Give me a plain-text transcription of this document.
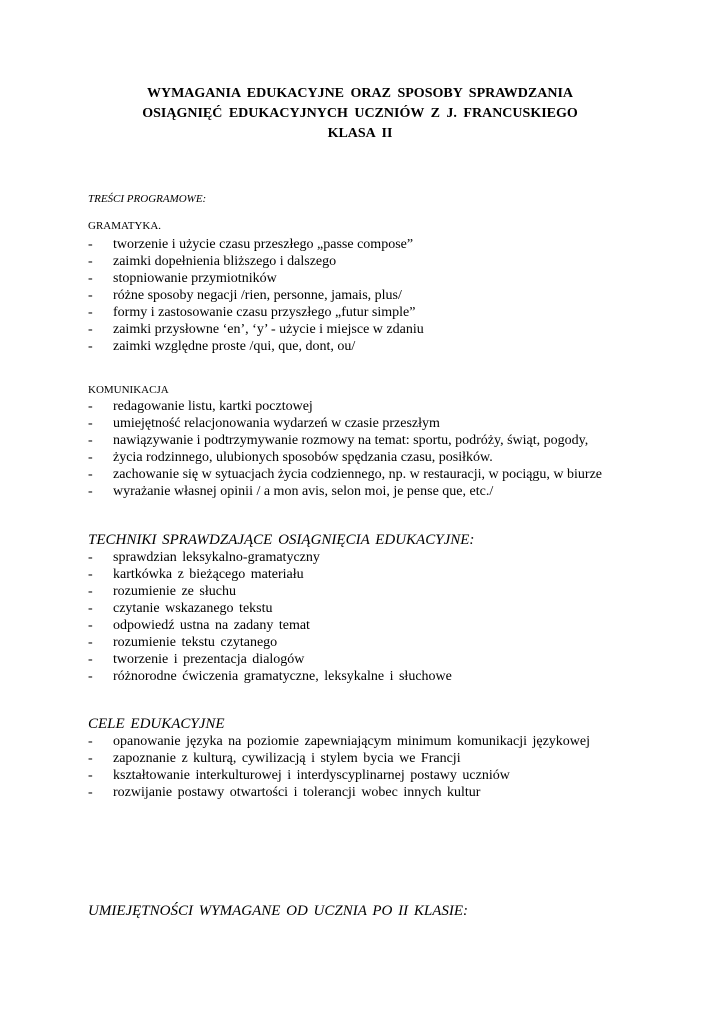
WYMAGANIA EDUKACYJNE ORAZ SPOSOBY SPRAWDZANIA
OSIĄGNIĘĆ EDUKACYJNYCH UCZNIÓW Z J. FRANCUSKIEGO
KLASA II
TREŚCI PROGRAMOWE:
GRAMATYKA.
- tworzenie i użycie czasu przeszłego „passe compose”
- zaimki dopełnienia bliższego i dalszego
- stopniowanie przymiotników
- różne sposoby negacji /rien, personne, jamais, plus/
- formy i zastosowanie czasu przyszłego „futur simple”
- zaimki przysłowne ‘en’, ‘y’ - użycie i miejsce w zdaniu
- zaimki względne proste /qui, que, dont, ou/
KOMUNIKACJA
- redagowanie listu, kartki pocztowej
- umiejętność relacjonowania wydarzeń w czasie przeszłym
- nawiązywanie i podtrzymywanie rozmowy na temat: sportu, podróży, świąt, pogody,
- życia rodzinnego, ulubionych sposobów spędzania czasu, posiłków.
- zachowanie się w sytuacjach życia codziennego, np. w restauracji, w pociągu, w biurze
- wyrażanie własnej opinii / a mon avis, selon moi, je pense que, etc./
TECHNIKI SPRAWDZAJĄCE OSIĄGNIĘCIA EDUKACYJNE:
- sprawdzian leksykalno-gramatyczny
- kartkówka z bieżącego materiału
- rozumienie ze słuchu
- czytanie wskazanego tekstu
- odpowiedź ustna na zadany temat
- rozumienie tekstu czytanego
- tworzenie i prezentacja dialogów
- różnorodne ćwiczenia gramatyczne, leksykalne i słuchowe
CELE EDUKACYJNE
- opanowanie języka na poziomie zapewniającym minimum komunikacji językowej
- zapoznanie z kulturą, cywilizacją i stylem bycia we Francji
- kształtowanie interkulturowej i interdyscyplinarnej postawy uczniów
- rozwijanie postawy otwartości i tolerancji wobec innych kultur
UMIEJĘTNOŚCI WYMAGANE OD UCZNIA PO II KLASIE:
